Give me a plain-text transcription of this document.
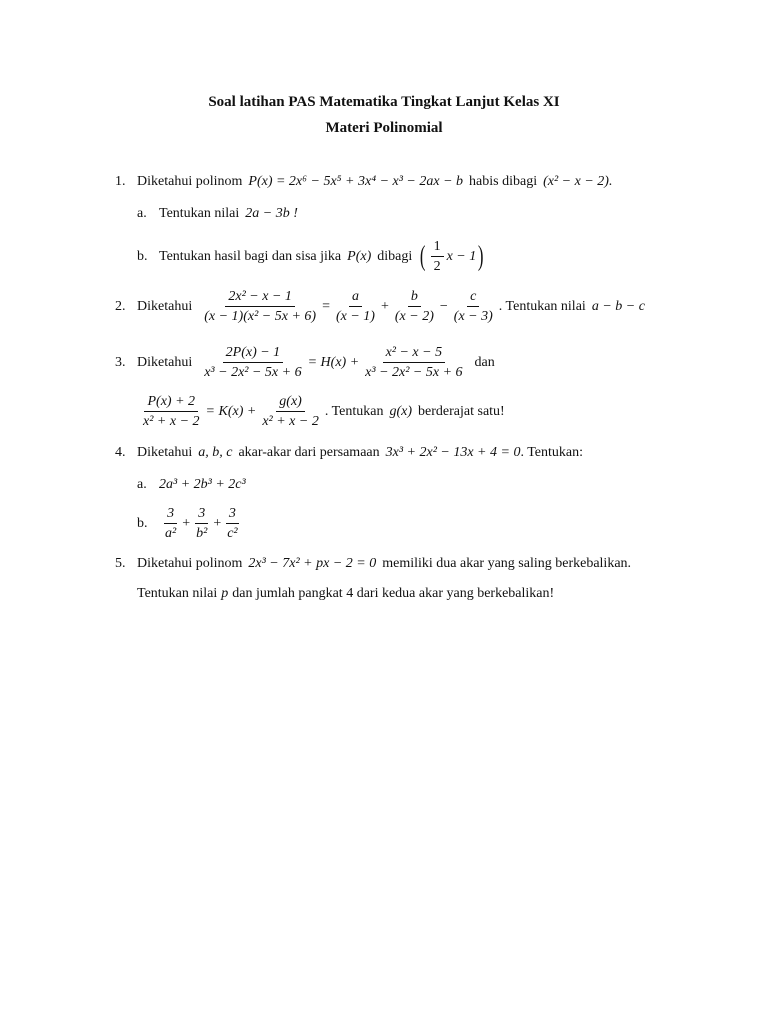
Soal latihan PAS Matematika Tingkat Lanjut Kelas XI
Materi Polinomial
1. Diketahui polinom P(x) = 2x⁶ − 5x⁵ + 3x⁴ − x³ − 2ax − b habis dibagi (x² − x − 2).
a. Tentukan nilai 2a − 3b !
b. Tentukan hasil bagi dan sisa jika P(x) dibagi ( $\frac{1}{2}$ x − 1 )
2. Diketahui $\frac{\text{2x² − x − 1}}{\text{(x − 1)(x² − 5x + 6)}} = \frac{a}{(x - 1)} + \frac{b}{(x - 2)} - \frac{c}{(x - 3)}$ . Tentukan nilai a − b − c
3. Diketahui $\frac{2P(x) - 1}{\text{x³ − 2x² − 5x + 6}} = H(x) + \frac{\text{x² − x − 5}}{\text{x³ − 2x² − 5x + 6}}$ dan
$\frac{P(x) + 2}{\text{x² + x − 2}} = K(x) + \frac{g(x)}{\text{x² + x − 2}}$ . Tentukan g(x) berderajat satu!
4. Diketahui a, b, c akar-akar dari persamaan 3x³ + 2x² − 13x + 4 = 0 . Tentukan:
a. 2a³ + 2b³ + 2c³
b.	$\frac{3}{\text{a²}} + \frac{3}{\text{b²}} + \frac{3}{\text{c²}}$
5. Diketahui polinom 2x³ − 7x² + px − 2 = 0 memiliki dua akar yang saling berkebalikan.
Tentukan nilai p dan jumlah pangkat 4 dari kedua akar yang berkebalikan!
